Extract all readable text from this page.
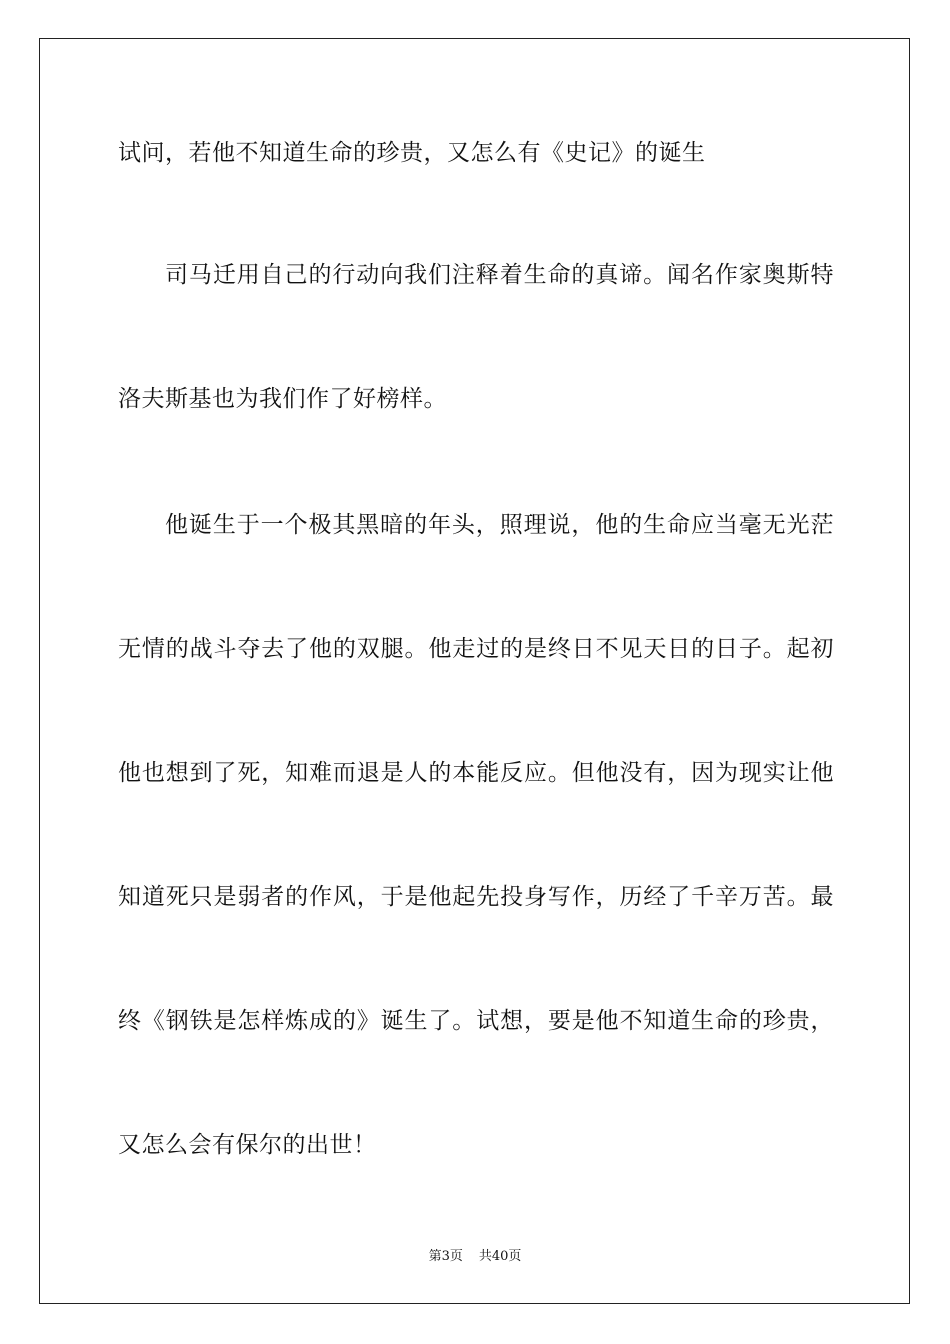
试问，若他不知道生命的珍贵，又怎么有《史记》的诞生
司马迁用自己的行动向我们注释着生命的真谛。闻名作家奥斯特
洛夫斯基也为我们作了好榜样。
他诞生于一个极其黑暗的年头，照理说，他的生命应当毫无光茫
无情的战斗夺去了他的双腿。他走过的是终日不见天日的日子。起初
他也想到了死，知难而退是人的本能反应。但他没有，因为现实让他
知道死只是弱者的作风，于是他起先投身写作，历经了千辛万苦。最
终《钢铁是怎样炼成的》诞生了。试想，要是他不知道生命的珍贵，
又怎么会有保尔的出世！
第3页 共40页
